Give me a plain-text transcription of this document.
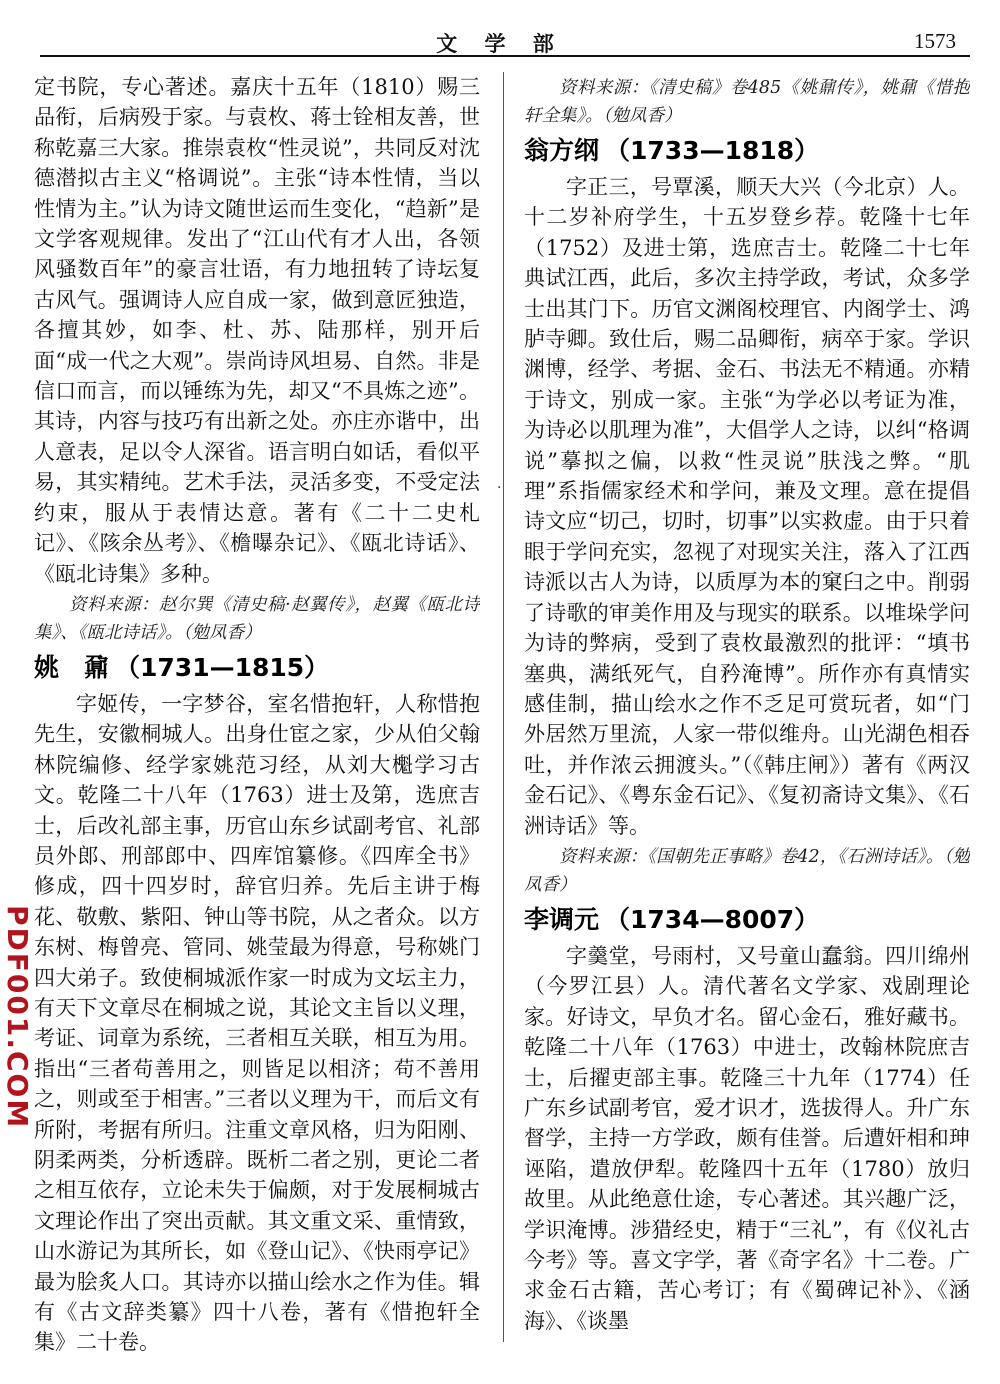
文 学 部	1573
PDF001.COM
·

定书院，专心著述。嘉庆十五年（1810）赐三品衔，后病殁于家。与袁枚、蒋士铨相友善，世称乾嘉三大家。推崇袁枚“性灵说”，共同反对沈德潜拟古主义“格调说”。主张“诗本性情，当以性情为主。”认为诗文随世运而生变化，“趋新”是文学客观规律。发出了“江山代有才人出，各领风骚数百年”的豪言壮语，有力地扭转了诗坛复古风气。强调诗人应自成一家，做到意匠独造，各擅其妙，如李、杜、苏、陆那样，别开后面“成一代之大观”。崇尚诗风坦易、自然。非是信口而言，而以锤练为先，却又“不具炼之迹”。其诗，内容与技巧有出新之处。亦庄亦谐中，出人意表，足以令人深省。语言明白如话，看似平易，其实精纯。艺术手法，灵活多变，不受定法约束，服从于表情达意。著有《二十二史札记》、《陔余丛考》、《檐曝杂记》、《瓯北诗话》、《瓯北诗集》多种。

资料来源：赵尔巽《清史稿·赵翼传》，赵翼《瓯北诗集》、《瓯北诗话》。（勉凤香）

姚　鼐 （1731—1815）

字姬传，一字梦谷，室名惜抱轩，人称惜抱先生，安徽桐城人。出身仕宦之家，少从伯父翰林院编修、经学家姚范习经，从刘大櫆学习古文。乾隆二十八年（1763）进士及第，选庶吉士，后改礼部主事，历官山东乡试副考官、礼部员外郎、刑部郎中、四库馆纂修。《四库全书》修成，四十四岁时，辞官归养。先后主讲于梅花、敬敷、紫阳、钟山等书院，从之者众。以方东树、梅曾亮、管同、姚莹最为得意，号称姚门四大弟子。致使桐城派作家一时成为文坛主力，有天下文章尽在桐城之说，其论文主旨以义理，考证、词章为系统，三者相互关联，相互为用。指出“三者苟善用之，则皆足以相济；苟不善用之，则或至于相害。”三者以义理为干，而后文有所附，考据有所归。注重文章风格，归为阳刚、阴柔两类，分析透辟。既析二者之别，更论二者之相互依存，立论未失于偏颇，对于发展桐城古文理论作出了突出贡献。其文重文采、重情致，山水游记为其所长，如《登山记》、《快雨亭记》最为脍炙人口。其诗亦以描山绘水之作为佳。辑有《古文辞类纂》四十八卷，著有《惜抱轩全集》二十卷。

资料来源：《清史稿》卷485《姚鼐传》，姚鼐《惜抱轩全集》。（勉凤香）

翁方纲 （1733—1818）

字正三，号覃溪，顺天大兴（今北京）人。十二岁补府学生，十五岁登乡荐。乾隆十七年（1752）及进士第，选庶吉士。乾隆二十七年典试江西，此后，多次主持学政，考试，众多学士出其门下。历官文渊阁校理官、内阁学士、鸿胪寺卿。致仕后，赐二品卿衔，病卒于家。学识渊博，经学、考据、金石、书法无不精通。亦精于诗文，别成一家。主张“为学必以考证为准，为诗必以肌理为准”，大倡学人之诗，以纠“格调说”摹拟之偏，以救“性灵说”肤浅之弊。“肌理”系指儒家经术和学问，兼及文理。意在提倡诗文应“切己，切时，切事”以实救虚。由于只着眼于学问充实，忽视了对现实关注，落入了江西诗派以古人为诗，以质厚为本的窠臼之中。削弱了诗歌的审美作用及与现实的联系。以堆垛学问为诗的弊病，受到了袁枚最激烈的批评：“填书塞典，满纸死气，自矜淹博”。所作亦有真情实感佳制，描山绘水之作不乏足可赏玩者，如“门外居然万里流，人家一带似维舟。山光湖色相吞吐，并作浓云拥渡头。”（《韩庄闸》）著有《两汉金石记》、《粤东金石记》、《复初斋诗文集》、《石洲诗话》等。

资料来源：《国朝先正事略》卷42，《石洲诗话》。（勉凤香）

李调元 （1734—8007）

字羹堂，号雨村，又号童山蠢翁。四川绵州（今罗江县）人。清代著名文学家、戏剧理论家。好诗文，早负才名。留心金石，雅好藏书。乾隆二十八年（1763）中进士，改翰林院庶吉士，后擢吏部主事。乾隆三十九年（1774）任广东乡试副考官，爱才识才，选拔得人。升广东督学，主持一方学政，颇有佳誉。后遭奸相和珅诬陷，遣放伊犁。乾隆四十五年（1780）放归故里。从此绝意仕途，专心著述。其兴趣广泛，学识淹博。涉猎经史，精于“三礼”，有《仪礼古今考》等。喜文字学，著《奇字名》十二卷。广求金石古籍，苦心考订；有《蜀碑记补》、《涵海》、《谈墨
